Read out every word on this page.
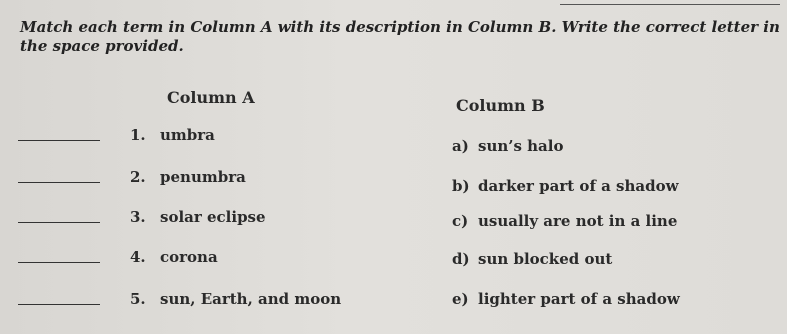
Match each term in Column A with its description in Column B. Write the correct letter in the space provided.
Column A	Column B
1. umbra
2. penumbra
3. solar eclipse
4. corona
5. sun, Earth, and moon
a) sun’s halo
b) darker part of a shadow
c) usually are not in a line
d) sun blocked out
e) lighter part of a shadow
